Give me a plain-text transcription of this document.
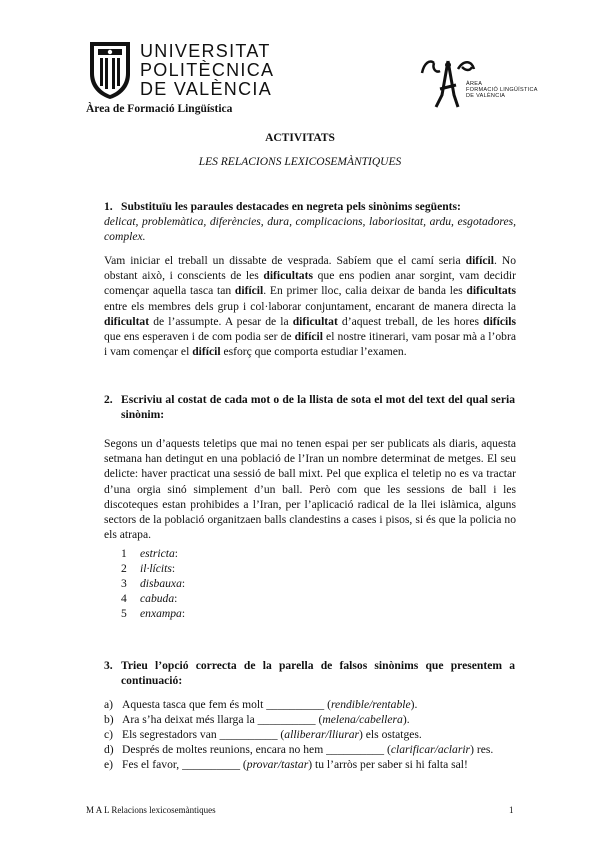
UNIVERSITAT
POLITÈCNICA
DE VALÈNCIA
Àrea de Formació Lingüística
ÀREA
FORMACIÓ LINGÜÍSTICA
DE VALÈNCIA
ACTIVITATS
LES RELACIONS LEXICOSEMÀNTIQUES
1. Substituïu les paraules destacades en negreta pels sinònims següents:
delicat, problemàtica, diferències, dura, complicacions, laboriositat, ardu, esgotadores, complex.
Vam iniciar el treball un dissabte de vesprada. Sabíem que el camí seria difícil. No obstant això, i conscients de les dificultats que ens podien anar sorgint, vam decidir començar aquella tasca tan difícil. En primer lloc, calia deixar de banda les dificultats entre els membres dels grup i col·laborar conjuntament, encarant de manera directa la dificultat de l’assumpte. A pesar de la dificultat d’aquest treball, de les hores difícils que ens esperaven i de com podia ser de difícil el nostre itinerari, vam posar mà a l’obra i vam començar el difícil esforç que comporta estudiar l’examen.
2. Escriviu al costat de cada mot o de la llista de sota el mot del text del qual seria sinònim:
Segons un d’aquests teletips que mai no tenen espai per ser publicats als diaris, aquesta setmana han detingut en una població de l’Iran un nombre determinat de metges. El seu delicte: haver practicat una sessió de ball mixt. Pel que explica el teletip no es va tractar d’una orgia sinó simplement d’un ball. Però com que les sessions de ball i les discoteques estan prohibides a l’Iran, per l’aplicació radical de la llei islàmica, alguns sectors de la població organitzaen balls clandestins a cases i pisos, si és que la policia no els atrapa.
1 estricta:
2 il·lícits:
3 disbauxa:
4 cabuda:
5 enxampa:
3. Trieu l’opció correcta de la parella de falsos sinònims que presentem a continuació:
a) Aquesta tasca que fem és molt __________ (rendible/rentable).
b) Ara s’ha deixat més llarga la __________ (melena/cabellera).
c) Els segrestadors van __________ (alliberar/lliurar) els ostatges.
d) Després de moltes reunions, encara no hem __________ (clarificar/aclarir) res.
e) Fes el favor, __________ (provar/tastar) tu l’arròs per saber si hi falta sal!
M A L Relacions lexicosemàntiques	1
